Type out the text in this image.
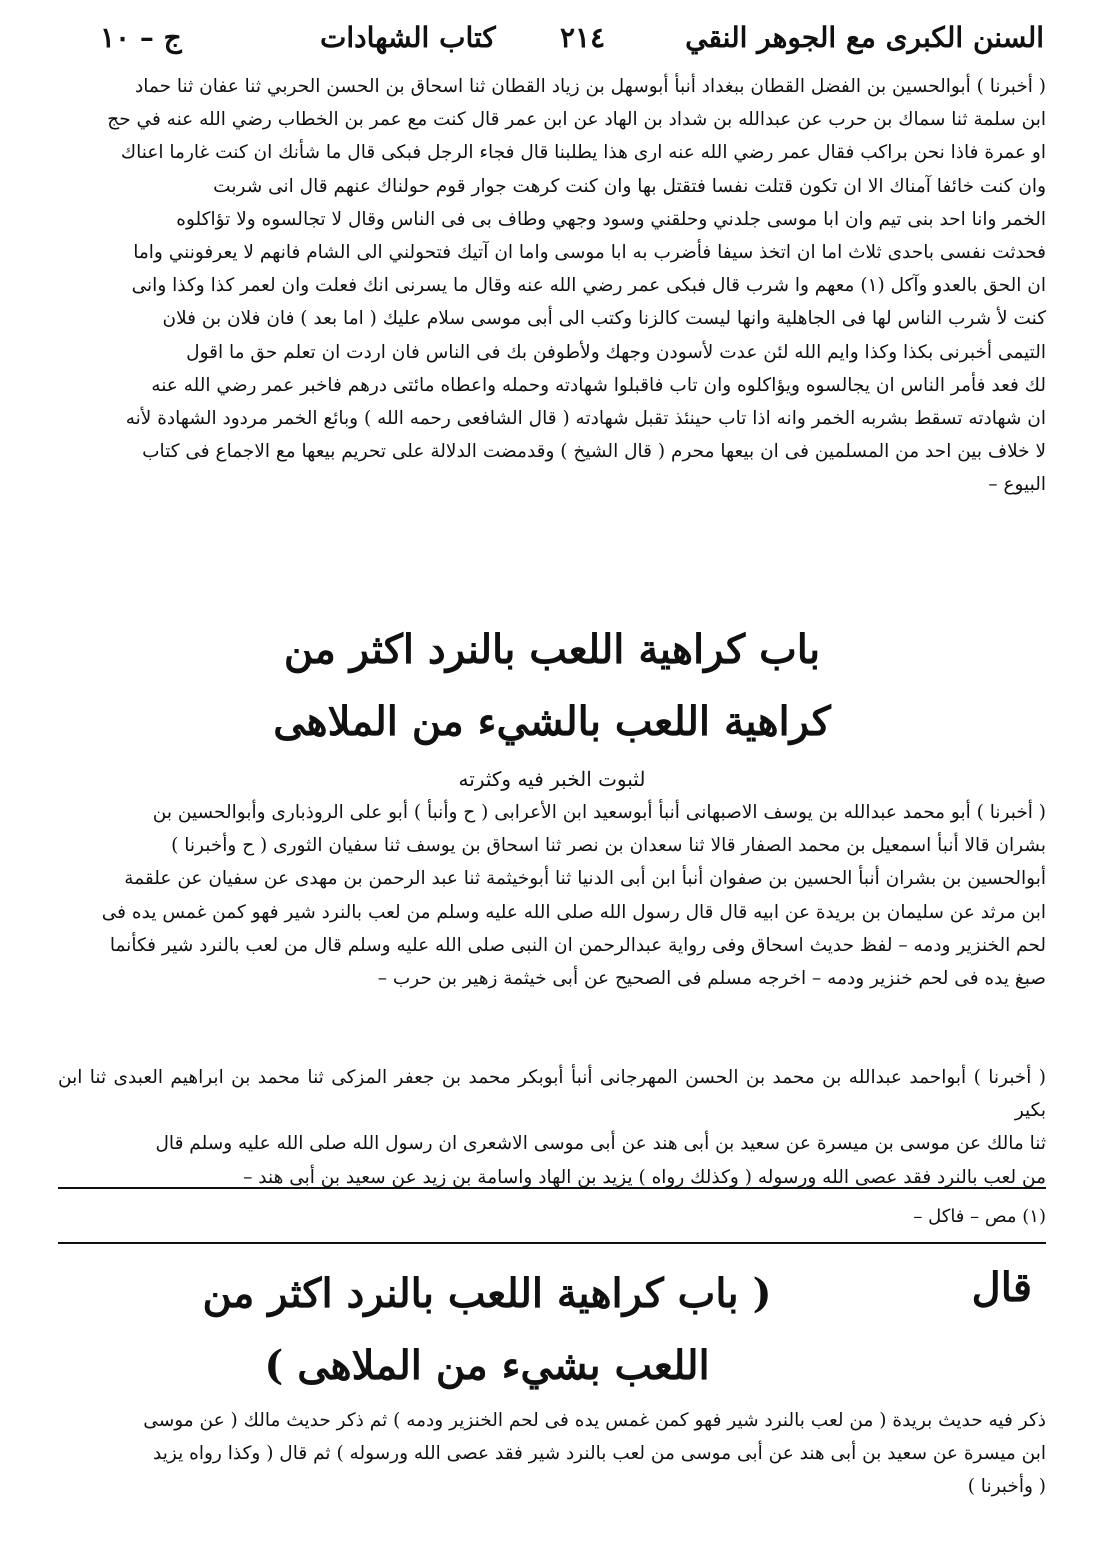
السنن الكبرى مع الجوهر النقي
٢١٤
كتاب الشهادات
ج – ١٠

( أخبرنا ) أبوالحسين بن الفضل القطان ببغداد أنبأ أبوسهل بن زياد القطان ثنا اسحاق بن الحسن الحربي ثنا عفان ثنا حماد

ابن سلمة ثنا سماك بن حرب عن عبدالله بن شداد بن الهاد عن ابن عمر قال كنت مع عمر بن الخطاب رضي الله عنه في حج

او عمرة فاذا نحن براكب فقال عمر رضي الله عنه ارى هذا يطلبنا قال فجاء الرجل فبكى قال ما شأنك ان كنت غارما اعناك

وان كنت خائفا آمناك الا ان تكون قتلت نفسا فتقتل بها وان كنت كرهت جوار قوم حولناك عنهم قال انى شربت

الخمر وانا احد بنى تيم وان ابا موسى جلدني وحلقني وسود وجهي وطاف بى فى الناس وقال لا تجالسوه ولا تؤاكلوه

فحدثت نفسى باحدى ثلاث اما ان اتخذ سيفا فأضرب به ابا موسى واما ان آتيك فتحولني الى الشام فانهم لا يعرفونني واما

ان الحق بالعدو وآكل (١) معهم وا شرب قال فبكى عمر رضي الله عنه وقال ما يسرنى انك فعلت وان لعمر كذا وكذا وانى

كنت لأ شرب الناس لها فى الجاهلية وانها ليست كالزنا وكتب الى أبى موسى سلام عليك ( اما بعد ) فان فلان بن فلان

التيمى أخبرنى بكذا وكذا وايم الله لئن عدت لأسودن وجهك ولأطوفن بك فى الناس فان اردت ان تعلم حق ما اقول

لك فعد فأمر الناس ان يجالسوه ويؤاكلوه وان تاب فاقبلوا شهادته وحمله واعطاه مائتى درهم فاخبر عمر رضي الله عنه

ان شهادته تسقط بشربه الخمر وانه اذا تاب حينئذ تقبل شهادته ( قال الشافعى رحمه الله ) وبائع الخمر مردود الشهادة لأنه

لا خلاف بين احد من المسلمين فى ان بيعها محرم ( قال الشيخ ) وقدمضت الدلالة على تحريم بيعها مع الاجماع فى كتاب

البيوع –

باب كراهية اللعب بالنرد اكثر من

كراهية اللعب بالشيء من الملاهى

لثبوت الخبر فيه وكثرته

( أخبرنا ) أبو محمد عبدالله بن يوسف الاصبهانى أنبأ أبوسعيد ابن الأعرابى ( ح وأنبأ ) أبو على الروذبارى وأبوالحسين بن

بشران قالا أنبأ اسمعيل بن محمد الصفار قالا ثنا سعدان بن نصر ثنا اسحاق بن يوسف ثنا سفيان الثورى ( ح وأخبرنا )

أبوالحسين بن بشران أنبأ الحسين بن صفوان أنبأ ابن أبى الدنيا ثنا أبوخيثمة ثنا عبد الرحمن بن مهدى عن سفيان عن علقمة

ابن مرثد عن سليمان بن بريدة عن ابيه قال قال رسول الله صلى الله عليه وسلم من لعب بالنرد شير فهو كمن غمس يده فى

لحم الخنزير ودمه – لفظ حديث اسحاق وفى رواية عبدالرحمن ان النبى صلى الله عليه وسلم قال من لعب بالنرد شير فكأنما

صبغ يده فى لحم خنزير ودمه – اخرجه مسلم فى الصحيح عن أبى خيثمة زهير بن حرب –

( أخبرنا ) أبواحمد عبدالله بن محمد بن الحسن المهرجانى أنبأ أبوبكر محمد بن جعفر المزكى ثنا محمد بن ابراهيم العبدى ثنا ابن بكير

ثنا مالك عن موسى بن ميسرة عن سعيد بن أبى هند عن أبى موسى الاشعرى ان رسول الله صلى الله عليه وسلم قال

من لعب بالنرد فقد عصى الله ورسوله ( وكذلك رواه ) يزيد بن الهاد واسامة بن زيد عن سعيد بن أبى هند –

(١) مص – فاكل –
قال

( باب كراهية اللعب بالنرد اكثر من

اللعب بشيء من الملاهى )

ذكر فيه حديث بريدة ( من لعب بالنرد شير فهو كمن غمس يده فى لحم الخنزير ودمه ) ثم ذكر حديث مالك ( عن موسى

ابن ميسرة عن سعيد بن أبى هند عن أبى موسى من لعب بالنرد شير فقد عصى الله ورسوله ) ثم قال ( وكذا رواه يزيد

( وأخبرنا )
